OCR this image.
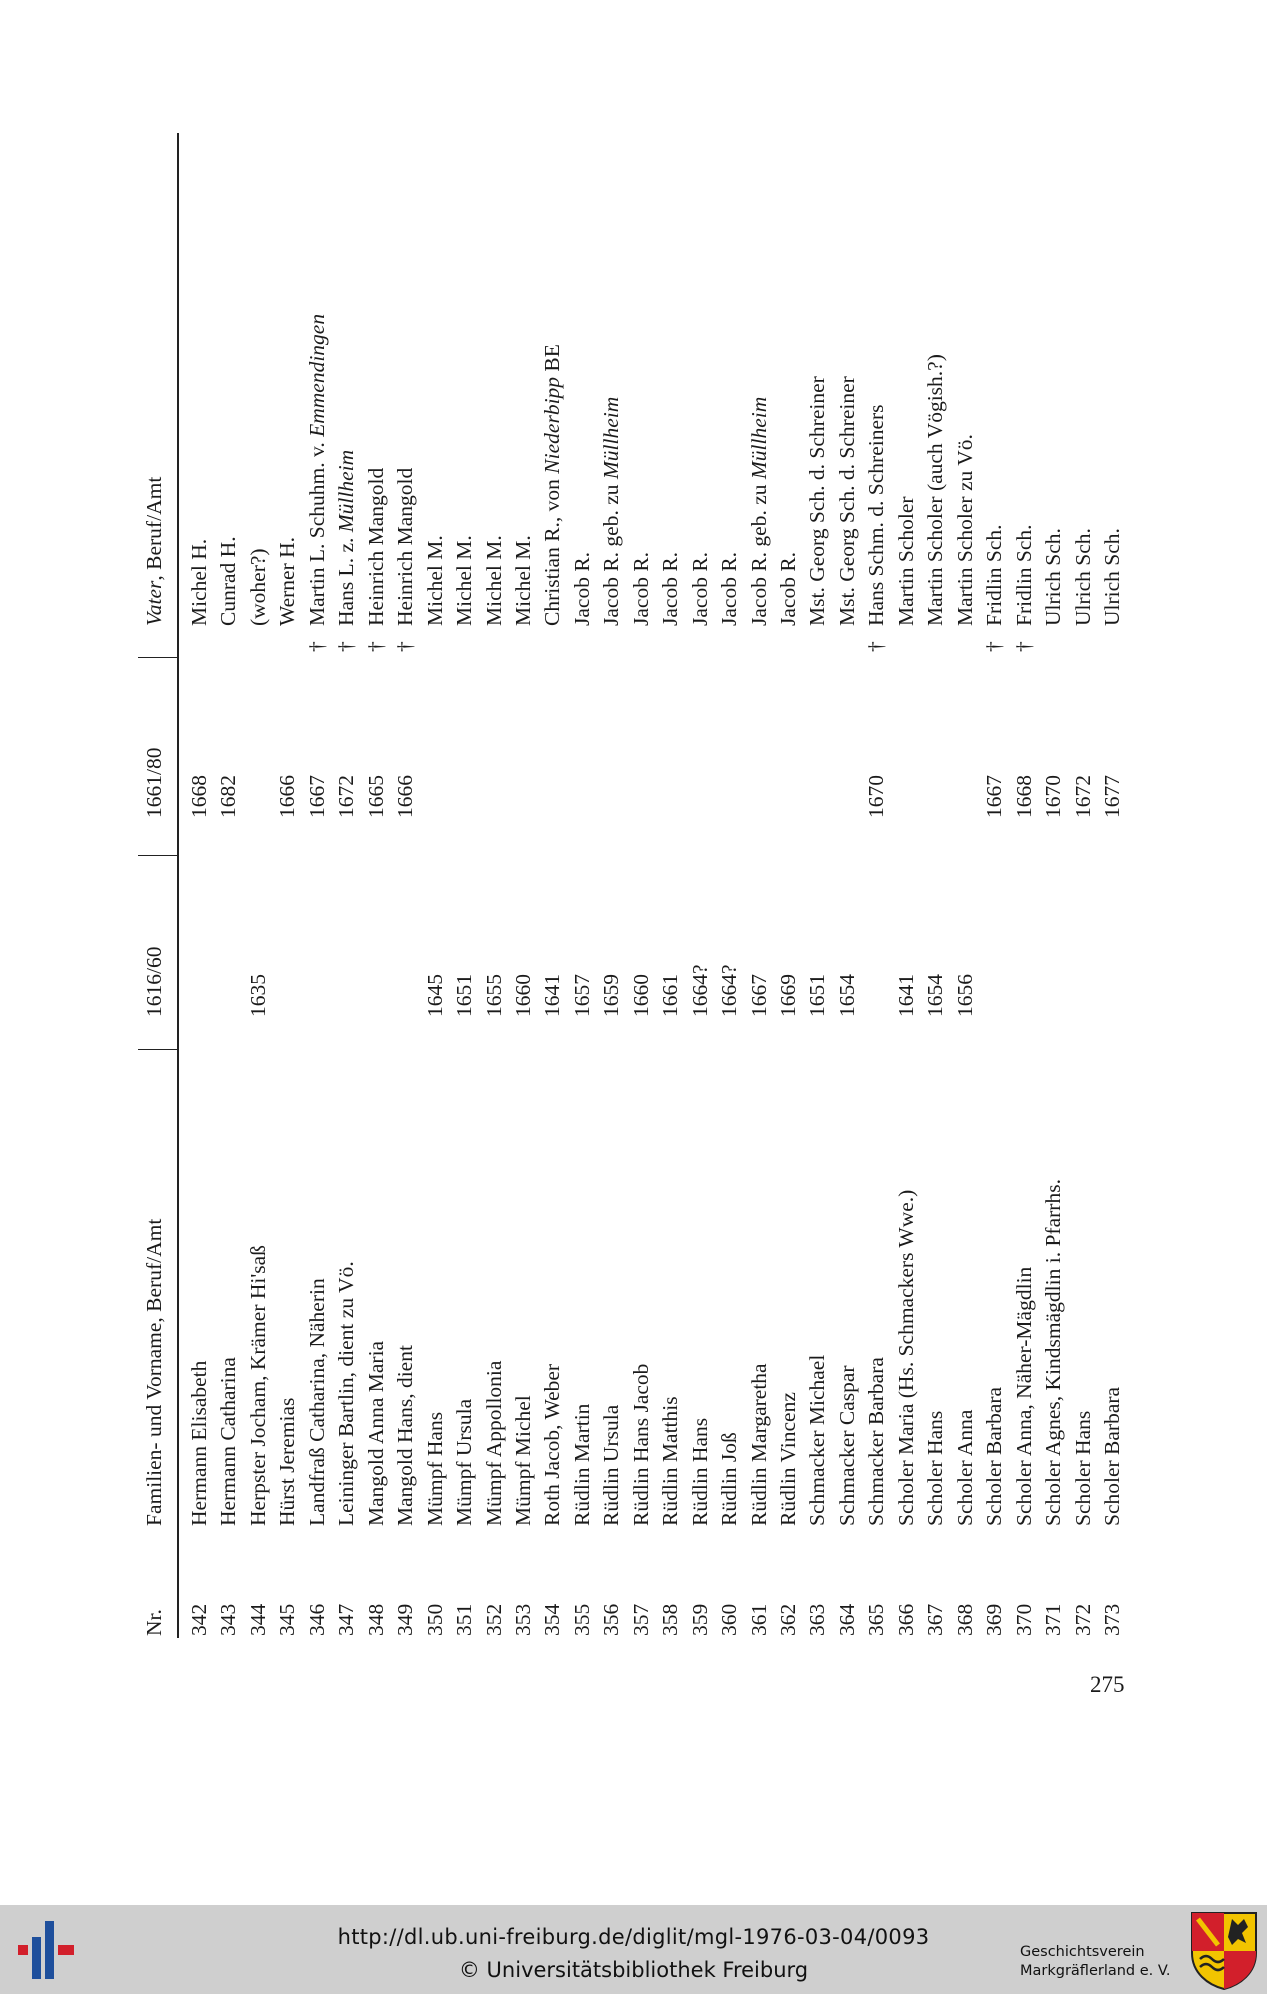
Nr.
Familien- und Vorname, Beruf/Amt
1616/60
1661/80
Vater, Beruf/Amt
342
Hermann Elisabeth
1668
Michel H.
343
Hermann Catharina
1682
Cunrad H.
344
Herpster Jocham, Krämer Hi'saß
1635
(woher?)
345
Hürst Jeremias
1666
Werner H.
346
Landfraß Catharina, Näherin
1667
†
Martin L. Schuhm. v. Emmendingen
347
Leininger Bartlin, dient zu Vö.
1672
†
Hans L. z. Müllheim
348
Mangold Anna Maria
1665
†
Heinrich Mangold
349
Mangold Hans, dient
1666
†
Heinrich Mangold
350
Mümpf Hans
1645
Michel M.
351
Mümpf Ursula
1651
Michel M.
352
Mümpf Appollonia
1655
Michel M.
353
Mümpf Michel
1660
Michel M.
354
Roth Jacob, Weber
1641
Christian R., von Niederbipp BE
355
Rüdlin Martin
1657
Jacob R.
356
Rüdlin Ursula
1659
Jacob R. geb. zu Müllheim
357
Rüdlin Hans Jacob
1660
Jacob R.
358
Rüdlin Matthis
1661
Jacob R.
359
Rüdlin Hans
1664?
Jacob R.
360
Rüdlin Joß
1664?
Jacob R.
361
Rüdlin Margaretha
1667
Jacob R. geb. zu Müllheim
362
Rüdlin Vincenz
1669
Jacob R.
363
Schmacker Michael
1651
Mst. Georg Sch. d. Schreiner
364
Schmacker Caspar
1654
Mst. Georg Sch. d. Schreiner
365
Schmacker Barbara
1670
†
Hans Schm. d. Schreiners
366
Scholer Maria (Hs. Schmackers Wwe.)
1641
Martin Scholer
367
Scholer Hans
1654
Martin Scholer (auch Vögish.?)
368
Scholer Anna
1656
Martin Scholer zu Vö.
369
Scholer Barbara
1667
†
Fridlin Sch.
370
Scholer Anna, Näher-Mägdlin
1668
†
Fridlin Sch.
371
Scholer Agnes, Kindsmägdlin i. Pfarrhs.
1670
Ulrich Sch.
372
Scholer Hans
1672
Ulrich Sch.
373
Scholer Barbara
1677
Ulrich Sch.
275
http://dl.ub.uni-freiburg.de/diglit/mgl-1976-03-04/0093
© Universitätsbibliothek Freiburg
Geschichtsverein
Markgräflerland e. V.
